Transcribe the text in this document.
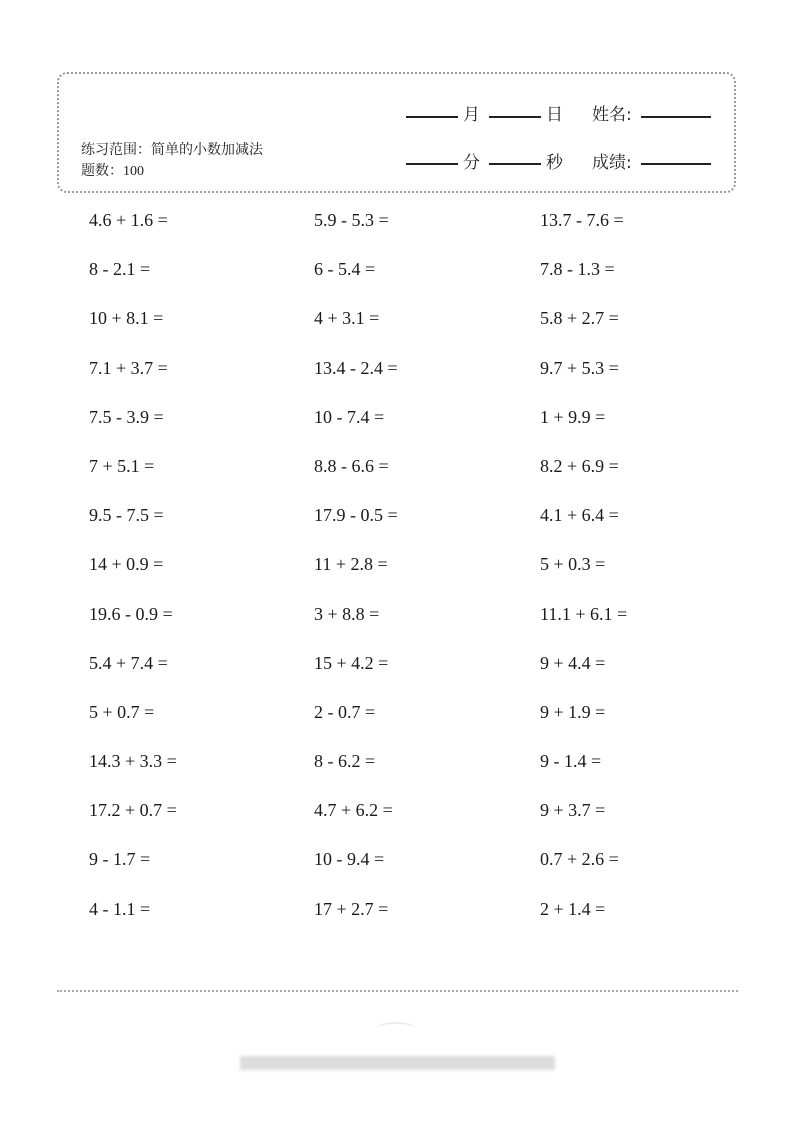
练习范围：简单的小数加减法
题数：100
月	日 姓名:
分	秒 成绩:
4.6 + 1.6 =	5.9 - 5.3 =	13.7 - 7.6 =
8 - 2.1 =	6 - 5.4 =	7.8 - 1.3 =
10 + 8.1 =	4 + 3.1 =	5.8 + 2.7 =
7.1 + 3.7 =	13.4 - 2.4 =	9.7 + 5.3 =
7.5 - 3.9 =	10 - 7.4 =	1 + 9.9 =
7 + 5.1 =	8.8 - 6.6 =	8.2 + 6.9 =
9.5 - 7.5 =	17.9 - 0.5 =	4.1 + 6.4 =
14 + 0.9 =	11 + 2.8 =	5 + 0.3 =
19.6 - 0.9 =	3 + 8.8 =	11.1 + 6.1 =
5.4 + 7.4 =	15 + 4.2 =	9 + 4.4 =
5 + 0.7 =	2 - 0.7 =	9 + 1.9 =
14.3 + 3.3 =	8 - 6.2 =	9 - 1.4 =
17.2 + 0.7 =	4.7 + 6.2 =	9 + 3.7 =
9 - 1.7 =	10 - 9.4 =	0.7 + 2.6 =
4 - 1.1 =	17 + 2.7 =	2 + 1.4 =
